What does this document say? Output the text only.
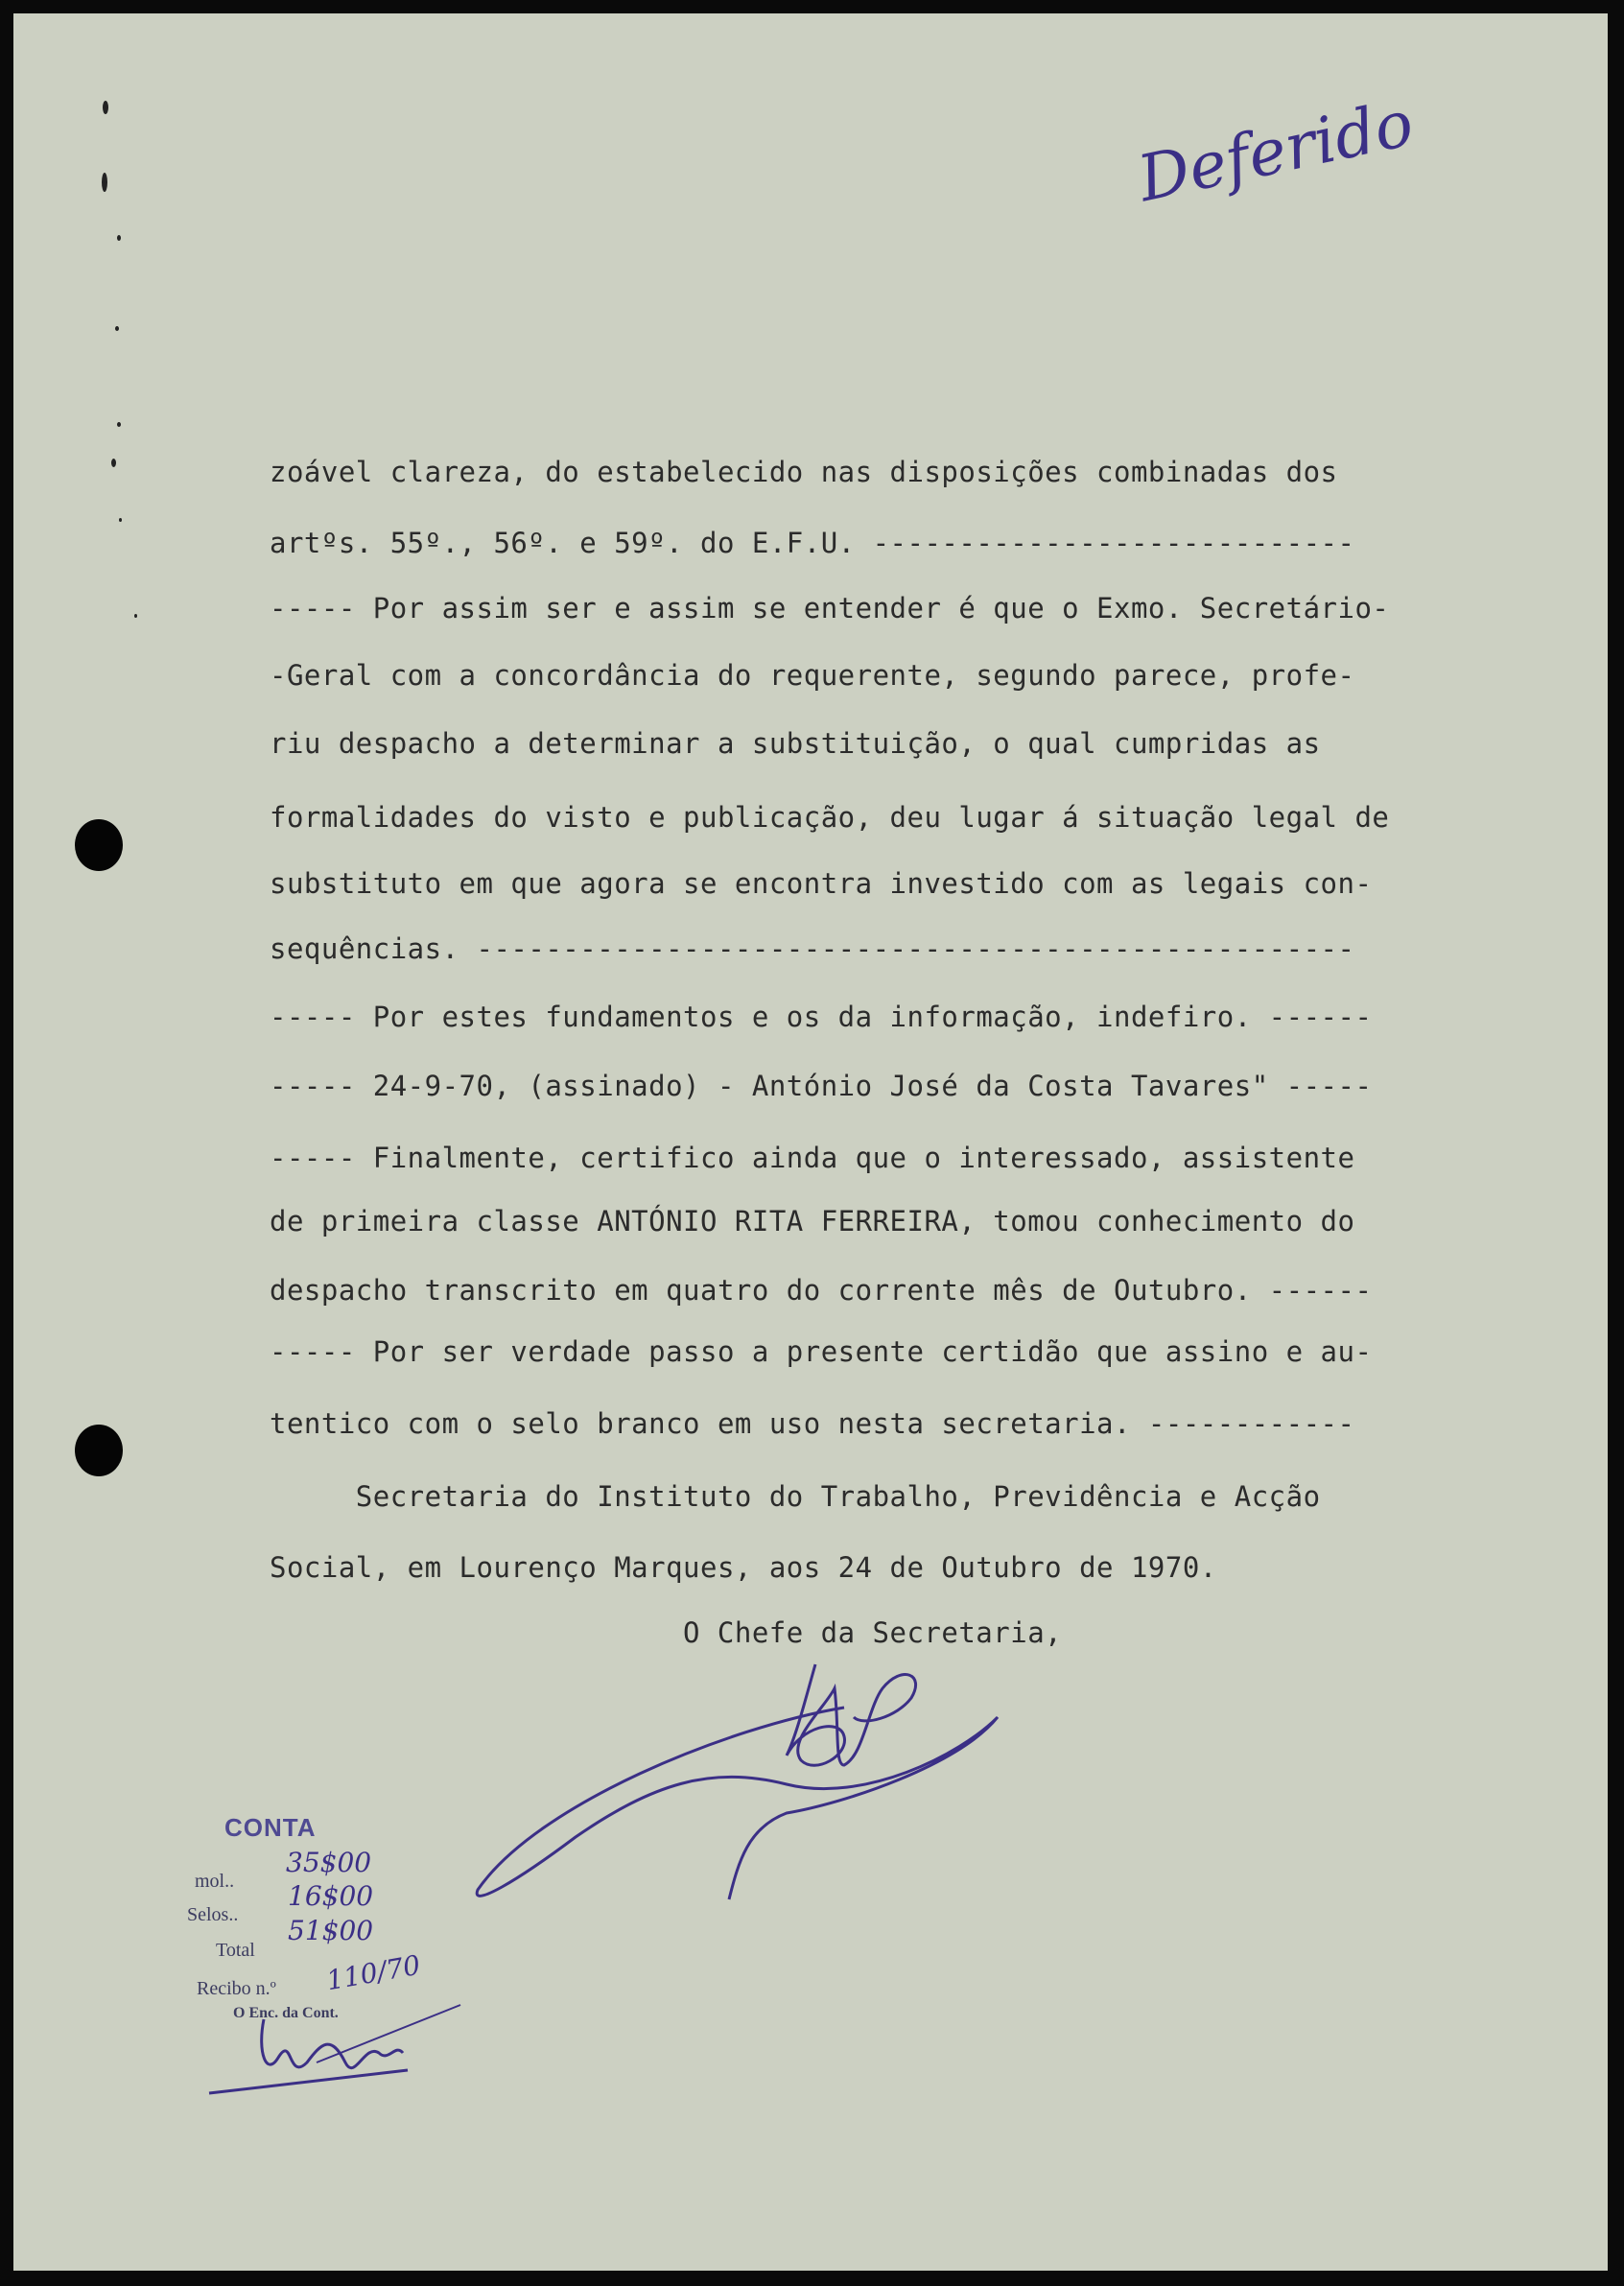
Deferido

zoável clareza, do estabelecido nas disposições combinadas dos

artºs. 55º., 56º. e 59º. do E.F.U. ----------------------------

----- Por assim ser e assim se entender é que o Exmo. Secretário-

-Geral com a concordância do requerente, segundo parece, profe-

riu despacho a determinar a substituição, o qual cumpridas as

formalidades do visto e publicação, deu lugar á situação legal de

substituto em que agora se encontra investido com as legais con-

sequências. ---------------------------------------------------

----- Por estes fundamentos e os da informação, indefiro. ------

----- 24-9-70, (assinado) - António José da Costa Tavares" -----

----- Finalmente, certifico ainda que o interessado, assistente

de primeira classe ANTÓNIO RITA FERREIRA, tomou conhecimento do

despacho transcrito em quatro do corrente mês de Outubro. ------

----- Por ser verdade passo a presente certidão que assino e au-

tentico com o selo branco em uso nesta secretaria. ------------

Secretaria do Instituto do Trabalho, Previdência e Acção

Social, em Lourenço Marques, aos 24 de Outubro de 1970.

O Chefe da Secretaria,

CONTA
mol..
35$00
Selos..
16$00
Total
51$00
Recibo n.º 110/70
O Enc. da Cont.
